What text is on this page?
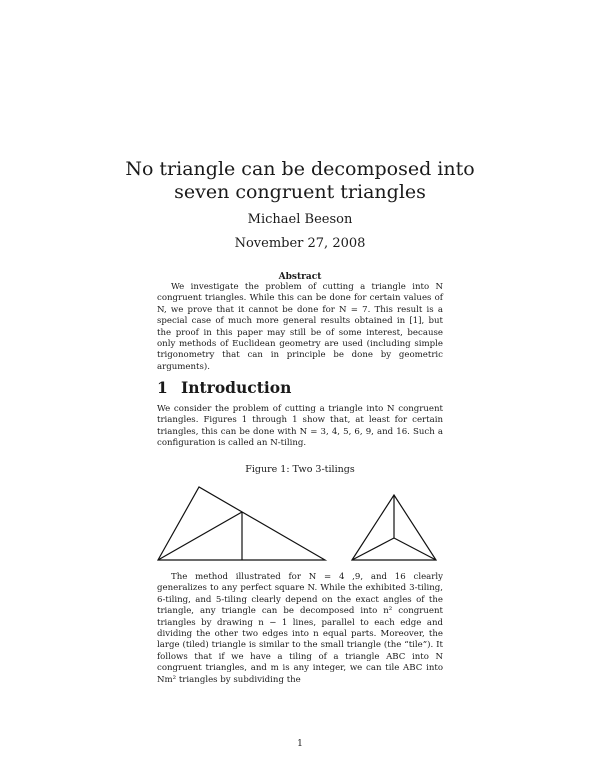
No triangle can be decomposed into seven congruent triangles
Michael Beeson
November 27, 2008
Abstract

We investigate the problem of cutting a triangle into N congruent triangles. While this can be done for certain values of N, we prove that it cannot be done for N = 7. This result is a special case of much more general results obtained in [1], but the proof in this paper may still be of some interest, because only methods of Euclidean geometry are used (including simple trigonometry that can in principle be done by geometric arguments).

1 Introduction

We consider the problem of cutting a triangle into N congruent triangles. Figures 1 through 1 show that, at least for certain triangles, this can be done with N = 3, 4, 5, 6, 9, and 16. Such a configuration is called an N-tiling.

Figure 1: Two 3-tilings

The method illustrated for N = 4 ,9, and 16 clearly generalizes to any perfect square N. While the exhibited 3-tiling, 6-tiling, and 5-tiling clearly depend on the exact angles of the triangle, any triangle can be decomposed into n² congruent triangles by drawing n − 1 lines, parallel to each edge and dividing the other two edges into n equal parts. Moreover, the large (tiled) triangle is similar to the small triangle (the “tile”). It follows that if we have a tiling of a triangle ABC into N congruent triangles, and m is any integer, we can tile ABC into Nm² triangles by subdividing the

1
